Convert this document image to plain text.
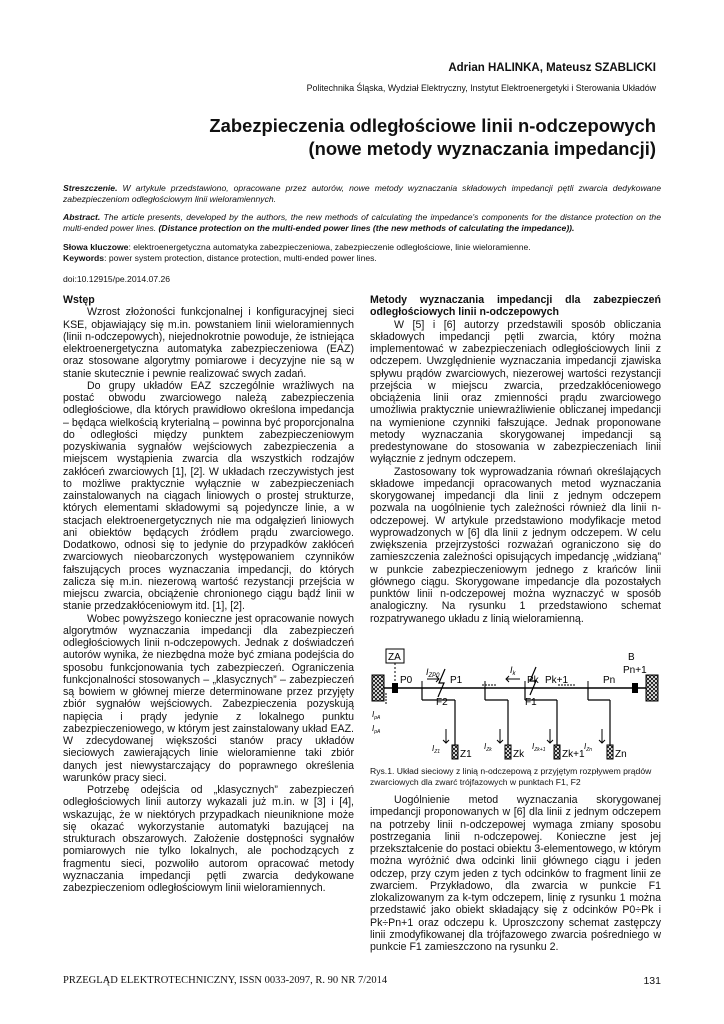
Adrian HALINKA, Mateusz SZABLICKI
Politechnika Śląska, Wydział Elektryczny, Instytut Elektroenergetyki i Sterowania Układów
Zabezpieczenia odległościowe linii n-odczepowych
(nowe metody wyznaczania impedancji)
Streszczenie. W artykule przedstawiono, opracowane przez autorów, nowe metody wyznaczania składowych impedancji pętli zwarcia dedykowane zabezpieczeniom odległościowym linii wieloramiennych.
Abstract. The article presents, developed by the authors, the new methods of calculating the impedance's components for the distance protection on the multi-ended power lines. (Distance protection on the multi-ended power lines (the new methods of calculating the impedance)).
Słowa kluczowe: elektroenergetyczna automatyka zabezpieczeniowa, zabezpieczenie odległościowe, linie wieloramienne.
Keywords: power system protection, distance protection, multi-ended power lines.
doi:10.12915/pe.2014.07.26

Wstęp

Wzrost złożoności funkcjonalnej i konfiguracyjnej sieci KSE, objawiający się m.in. powstaniem linii wieloramiennych (linii n-odczepowych), niejednokrotnie powoduje, że istniejąca elektroenergetyczna automatyka zabezpieczeniowa (EAZ) oraz stosowane algorytmy pomiarowe i decyzyjne nie są w stanie skutecznie i pewnie realizować swych zadań.

Do grupy układów EAZ szczególnie wrażliwych na postać obwodu zwarciowego należą zabezpieczenia odległościowe, dla których prawidłowo określona impedancja – będąca wielkością kryterialną – powinna być proporcjonalna do odległości między punktem zabezpieczeniowym pozyskiwania sygnałów wejściowych zabezpieczenia a miejscem wystąpienia zwarcia dla wszystkich rodzajów zakłóceń zwarciowych [1], [2]. W układach rzeczywistych jest to możliwe praktycznie wyłącznie w zabezpieczeniach zainstalowanych na ciągach liniowych o prostej strukturze, których elementami składowymi są pojedyncze linie, a w stacjach elektroenergetycznych nie ma odgałęzień liniowych ani obiektów będących źródłem prądu zwarciowego. Dodatkowo, odnosi się to jedynie do przypadków zakłóceń zwarciowych nieobarczonych występowaniem czynników fałszujących proces wyznaczania impedancji, do których zalicza się m.in. niezerową wartość rezystancji przejścia w miejscu zwarcia, obciążenie chronionego ciągu bądź linii w stanie przedzakłóceniowym itd. [1], [2].

Wobec powyższego konieczne jest opracowanie nowych algorytmów wyznaczania impedancji dla zabezpieczeń odległościowych linii n-odczepowych. Jednak z doświadczeń autorów wynika, że niezbędna może być zmiana podejścia do sposobu funkcjonowania tych zabezpieczeń. Ograniczenia funkcjonalności stosowanych – „klasycznych” – zabezpieczeń są bowiem w głównej mierze determinowane przez przyjęty zbiór sygnałów wejściowych. Zabezpieczenia pozyskują napięcia i prądy jedynie z lokalnego punktu zabezpieczeniowego, w którym jest zainstalowany układ EAZ. W zdecydowanej większości stanów pracy układów sieciowych zawierających linie wieloramienne taki zbiór danych jest niewystarczający do poprawnego określenia warunków pracy sieci.

Potrzebę odejścia od „klasycznych” zabezpieczeń odległościowych linii autorzy wykazali już m.in. w [3] i [4], wskazując, że w niektórych przypadkach nieuniknione może się okazać wykorzystanie automatyki bazującej na strukturach obszarowych. Założenie dostępności sygnałów pomiarowych nie tylko lokalnych, ale pochodzących z fragmentu sieci, pozwoliło autorom opracować metody wyznaczania impedancji pętli zwarcia dedykowane zabezpieczeniom odległościowym linii wieloramiennych.

Metody wyznaczania impedancji dla zabezpieczeń odległościowych linii n-odczepowych

W [5] i [6] autorzy przedstawili sposób obliczania składowych impedancji pętli zwarcia, który można implementować w zabezpieczeniach odległościowych linii z odczepem. Uwzględnienie wyznaczania impedancji zjawiska spływu prądów zwarciowych, niezerowej wartości rezystancji przejścia w miejscu zwarcia, przedzakłóceniowego obciążenia linii oraz zmienności prądu zwarciowego umożliwia praktycznie uniewrażliwienie obliczanej impedancji na wymienione czynniki fałszujące. Jednak proponowane metody wyznaczania skorygowanej impedancji są predestynowane do stosowania w zabezpieczeniach linii wyłącznie z jednym odczepem.

Zastosowany tok wyprowadzania równań określających składowe impedancji opracowanych metod wyznaczania skorygowanej impedancji dla linii z jednym odczepem pozwala na uogólnienie tych zależności również dla linii n-odczepowej. W artykule przedstawiono modyfikacje metod wyprowadzonych w [6] dla linii z jednym odczepem. W celu zwiększenia przejrzystości rozważań ograniczono się do zamieszczenia zależności opisujących impedancję „widzianą” w punkcie zabezpieczeniowym jednego z krańców linii głównego ciągu. Skorygowane impedancje dla pozostałych punktów linii n-odczepowej można wyznaczyć w sposób analogiczny. Na rysunku 1 przedstawiono schemat rozpatrywanego układu z linią wieloramienną.

ZA	B
P0	P1	Pk Pk+1	Pn
Pn+1
$I_{ZP0}$
$I_k$
F2	F1
Z1	Zk	Zk+1	Zn
$I_{Z1}$
$I_{Zk}$	$I_{Zk+1}$	$I_{Zn}$
$I_{pA}$
$I_{pA}$
Rys.1. Układ sieciowy z linią n-odczepową z przyjętym rozpływem prądów zwarciowych dla zwarć trójfazowych w punktach F1, F2

Uogólnienie metod wyznaczania skorygowanej impedancji proponowanych w [6] dla linii z jednym odczepem na potrzeby linii n-odczepowej wymaga zmiany sposobu postrzegania linii n-odczepowej. Konieczne jest jej przekształcenie do postaci obiektu 3-elementowego, w którym można wyróżnić dwa odcinki linii głównego ciągu i jeden odczep, przy czym jeden z tych odcinków to fragment linii ze zwarciem. Przykładowo, dla zwarcia w punkcie F1 zlokalizowanym za k-tym odczepem, linię z rysunku 1 można przedstawić jako obiekt składający się z odcinków P0÷Pk i Pk÷Pn+1 oraz odczepu k. Uproszczony schemat zastępczy linii zmodyfikowanej dla trójfazowego zwarcia pośredniego w punkcie F1 zamieszczono na rysunku 2.

PRZEGLĄD ELEKTROTECHNICZNY, ISSN 0033-2097, R. 90 NR 7/2014	131
